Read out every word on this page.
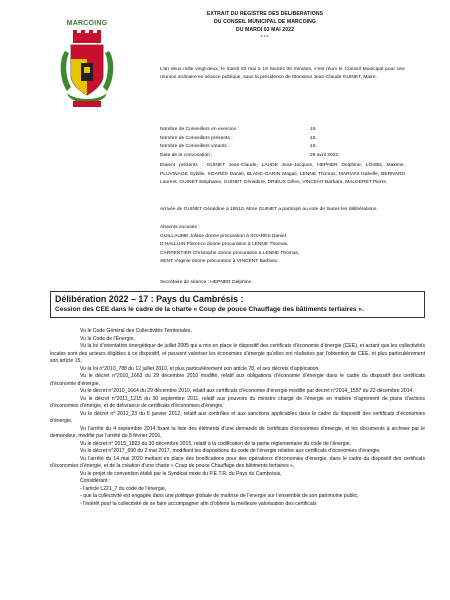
EXTRAIT DU REGISTRE DES DELIBERATIONS
DU CONSEIL MUNICIPAL DE MARCOING
DU MARDI 03 MAI 2022
---
MARCOING
L’an deux mille vingt-deux, le mardi 03 mai à 19 heures 00 minutes, s’est réuni le Conseil Municipal pour une réunion ordinaire en séance publique, sous la présidence de Monsieur Jean-Claude GUINET, Maire.
Nombre de Conseillers en exercice :	19.
Nombre de Conseillers présents :	15.
Nombre de Conseillers votants :	19.
Date de la convocation :	28 avril 2022.
Etaient présents : GUINET Jean-Claude, LAUDE Jean-Jacques, HEPNER Delphine, LOISEL Maxime, PLUVINAGE Sybille, SOARÈS Daniel, BLANC-GARIN Magali, LENNE Thomas, MARIANI Isabelle, BERNARD Laurent, GUINET Stéphanie, GUINET Géraldine, DRIEUX Gilles, VINCENT Barbara, MALDERET Pierre.
Arrivée de GUINET Géraldine à 19h10. Mme GUINET a participé au vote de toutes les délibérations.
Absents excusés :
GUILLAUME Jolane donne procuration à SOARÈS Daniel,
D’HALLUIN Florence donne procuration à LENNE Thomas,
CARPENTIER Christophe donne procuration à LENNE Thomas,
SENT Virginie donne procuration à VINCENT Barbara.
Secrétaire de séance : HEPNER Delphine.
Délibération 2022 – 17 : Pays du Cambrésis :
Cession des CEE dans le cadre de la charte « Coup de pouce Chauffage des bâtiments tertiaires ».

Vu le Code Général des Collectivités Territoriales,

Vu le Code de l’Énergie,

Vu la loi d’orientation énergétique de juillet 2005 qui a mis en place le dispositif des certificats d’économie d’énergie (CEE), et actant que les collectivités locales sont des acteurs éligibles à ce dispositif, et peuvent valoriser les économies d’énergie qu’elles ont réalisées par l’obtention de CEE, et plus particulièrement son article 15,

Vu la loi n°2010_788 du 12 juillet 2010, et plus particulièrement son article 78, et ses décrets d’application,

Vu le décret n°2010_1663 du 29 décembre 2010 modifié, relatif aux obligations d’économie d’énergie dans le cadre du dispositif des certificats d’économie d’énergie,

Vu le décret n°2010_1664 du 29 décembre 2010, relatif aux certificats d’économie d’énergie modifié par décret n°2014_1557 du 22 décembre 2014,

Vu le décret n°2011_1215 du 30 septembre 2011, relatif aux pouvoirs du ministre chargé de l’énergie en matière d’agrément de plans d’actions d’économies d’énergie, et de délivrance de certificats d’économies d’énergie,

Vu le décret n° 2012_23 du 6 janvier 2012, relatif aux contrôles et aux sanctions applicables dans le cadre du dispositif des certificats d’économies d’énergie,

Vu l’arrêté du 4 septembre 2014 fixant la liste des éléments d’une demande de certificats d’économies d’énergie, et les documents à archiver par le demandeur, modifié par l’arrêté du 8 février 2016,

Vu le décret n° 2015_1823 du 30 décembre 2015, relatif à la codification de la partie réglementaire du code de l’énergie,

Vu le décret n°2017_690 du 2 mai 2017, modifiant les dispositions du code de l’énergie relative aux certificats d’économies d’énergie,

Vu l’arrêté du 14 mai 2020 mettant en place des bonifications pour des opérations d’économies d’énergie, dans le cadre du dispositif des certificats d’économies d’énergie, et de la création d’une charte « Coup de pouce Chauffage des bâtiments tertiaires »,

Vu le projet de convention établi par le Syndicat mixte du P.E.T.R. du Pays du Cambrésis,

Considérant :

- l’article L221_7 du code de l’énergie,

- que la collectivité est engagée dans une politique globale de maîtrise de l’énergie sur l’ensemble de son patrimoine public,

- l’intérêt pour la collectivité de se faire accompagner afin d’obtenir la meilleure valorisation des certificats
